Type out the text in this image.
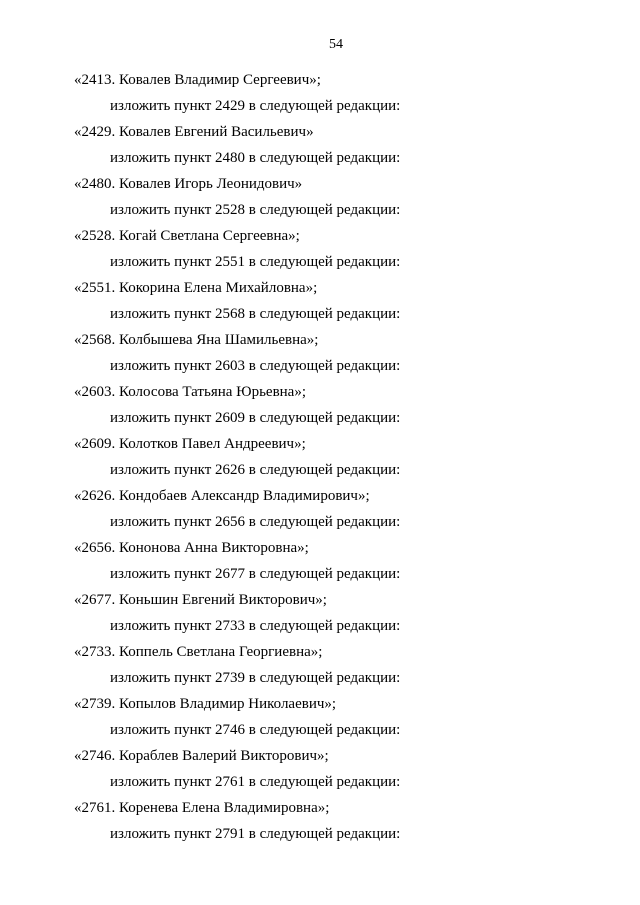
54
«2413. Ковалев Владимир Сергеевич»;
изложить пункт 2429 в следующей редакции:
«2429. Ковалев Евгений Васильевич»
изложить пункт 2480 в следующей редакции:
«2480. Ковалев Игорь Леонидович»
изложить пункт 2528 в следующей редакции:
«2528. Когай Светлана Сергеевна»;
изложить пункт 2551 в следующей редакции:
«2551. Кокорина Елена Михайловна»;
изложить пункт 2568 в следующей редакции:
«2568. Колбышева Яна Шамильевна»;
изложить пункт 2603 в следующей редакции:
«2603. Колосова Татьяна Юрьевна»;
изложить пункт 2609 в следующей редакции:
«2609. Колотков Павел Андреевич»;
изложить пункт 2626 в следующей редакции:
«2626. Кондобаев Александр Владимирович»;
изложить пункт 2656 в следующей редакции:
«2656. Кононова Анна Викторовна»;
изложить пункт 2677 в следующей редакции:
«2677. Коньшин Евгений Викторович»;
изложить пункт 2733 в следующей редакции:
«2733. Коппель Светлана Георгиевна»;
изложить пункт 2739 в следующей редакции:
«2739. Копылов Владимир Николаевич»;
изложить пункт 2746 в следующей редакции:
«2746. Кораблев Валерий Викторович»;
изложить пункт 2761 в следующей редакции:
«2761. Коренева Елена Владимировна»;
изложить пункт 2791 в следующей редакции:
